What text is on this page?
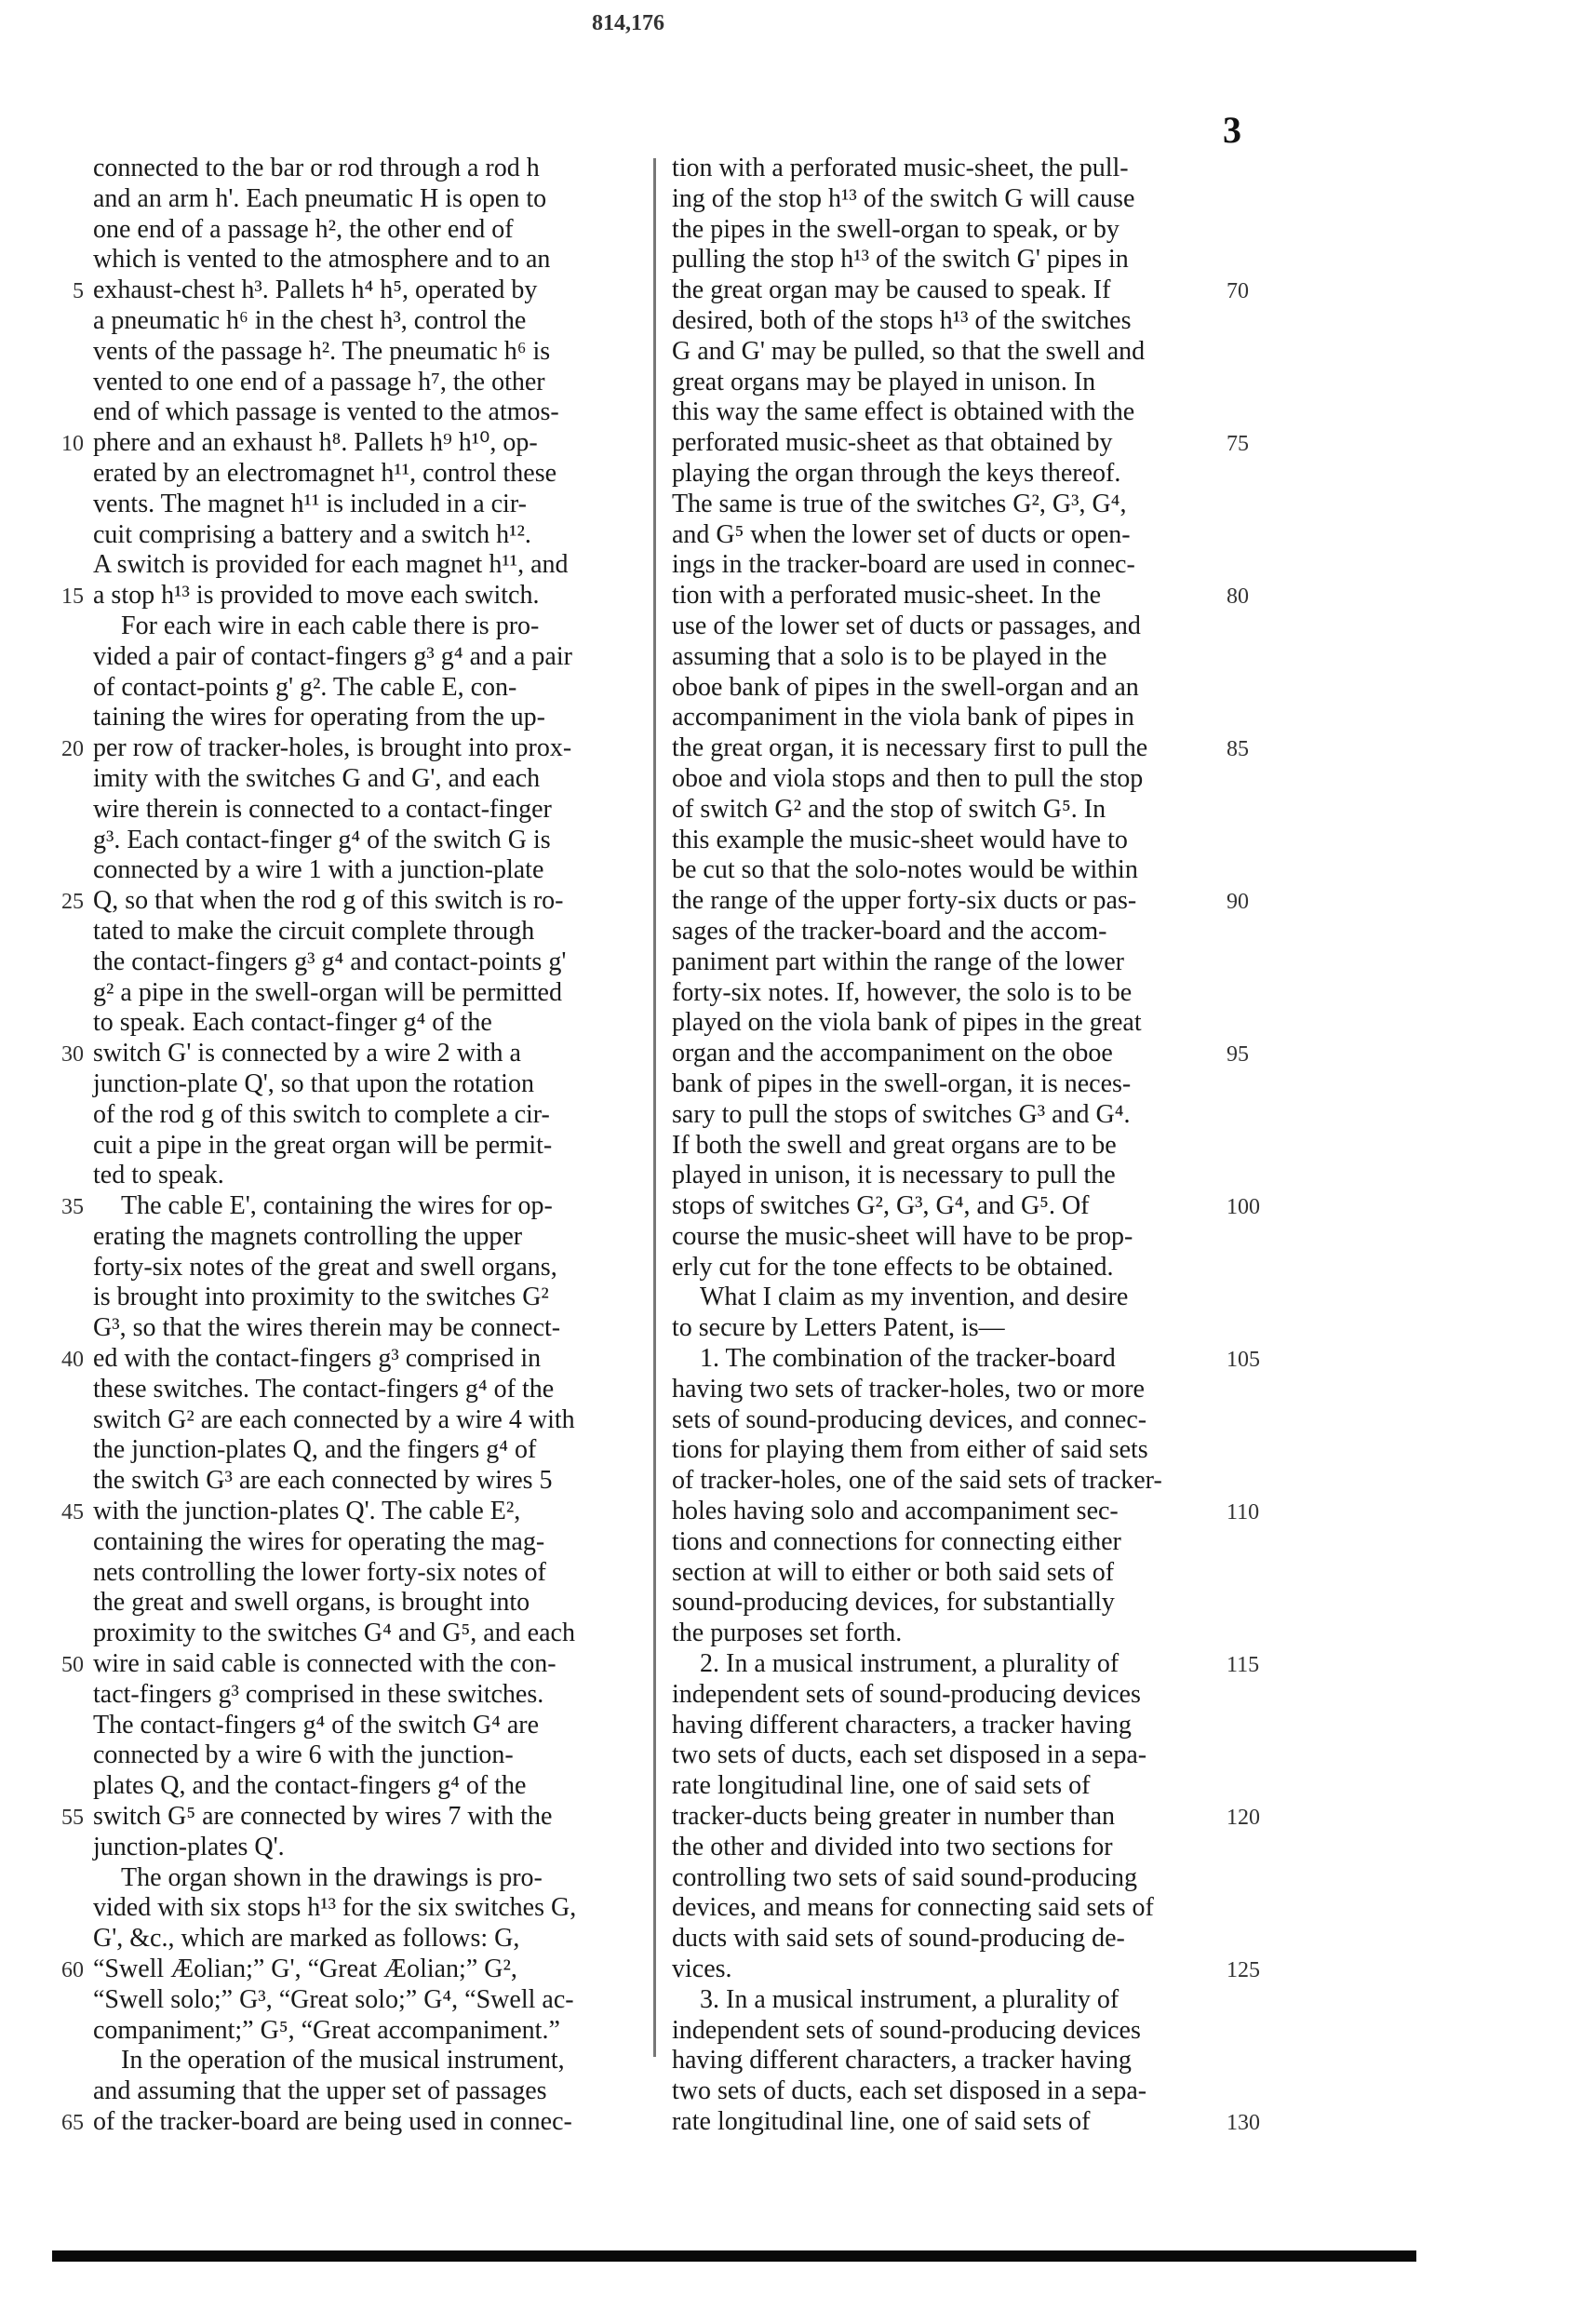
814,176
3
connected to the bar or rod through a rod h
and an arm h'. Each pneumatic H is open to
one end of a passage h², the other end of
which is vented to the atmosphere and to an
exhaust-chest h³. Pallets h⁴ h⁵, operated by
a pneumatic h⁶ in the chest h³, control the
vents of the passage h². The pneumatic h⁶ is
vented to one end of a passage h⁷, the other
end of which passage is vented to the atmos-
phere and an exhaust h⁸. Pallets h⁹ h¹⁰, op-
erated by an electromagnet h¹¹, control these
vents. The magnet h¹¹ is included in a cir-
cuit comprising a battery and a switch h¹².
A switch is provided for each magnet h¹¹, and
a stop h¹³ is provided to move each switch.
For each wire in each cable there is pro-
vided a pair of contact-fingers g³ g⁴ and a pair
of contact-points g' g². The cable E, con-
taining the wires for operating from the up-
per row of tracker-holes, is brought into prox-
imity with the switches G and G', and each
wire therein is connected to a contact-finger
g³. Each contact-finger g⁴ of the switch G is
connected by a wire 1 with a junction-plate
Q, so that when the rod g of this switch is ro-
tated to make the circuit complete through
the contact-fingers g³ g⁴ and contact-points g'
g² a pipe in the swell-organ will be permitted
to speak. Each contact-finger g⁴ of the
switch G' is connected by a wire 2 with a
junction-plate Q', so that upon the rotation
of the rod g of this switch to complete a cir-
cuit a pipe in the great organ will be permit-
ted to speak.
The cable E', containing the wires for op-
erating the magnets controlling the upper
forty-six notes of the great and swell organs,
is brought into proximity to the switches G²
G³, so that the wires therein may be connect-
ed with the contact-fingers g³ comprised in
these switches. The contact-fingers g⁴ of the
switch G² are each connected by a wire 4 with
the junction-plates Q, and the fingers g⁴ of
the switch G³ are each connected by wires 5
with the junction-plates Q'. The cable E²,
containing the wires for operating the mag-
nets controlling the lower forty-six notes of
the great and swell organs, is brought into
proximity to the switches G⁴ and G⁵, and each
wire in said cable is connected with the con-
tact-fingers g³ comprised in these switches.
The contact-fingers g⁴ of the switch G⁴ are
connected by a wire 6 with the junction-
plates Q, and the contact-fingers g⁴ of the
switch G⁵ are connected by wires 7 with the
junction-plates Q'.
The organ shown in the drawings is pro-
vided with six stops h¹³ for the six switches G,
G', &c., which are marked as follows: G,
“Swell Æolian;” G', “Great Æolian;” G²,
“Swell solo;” G³, “Great solo;” G⁴, “Swell ac-
companiment;” G⁵, “Great accompaniment.”
In the operation of the musical instrument,
and assuming that the upper set of passages
of the tracker-board are being used in connec-
tion with a perforated music-sheet, the pull-
ing of the stop h¹³ of the switch G will cause
the pipes in the swell-organ to speak, or by
pulling the stop h¹³ of the switch G' pipes in
the great organ may be caused to speak. If
desired, both of the stops h¹³ of the switches
G and G' may be pulled, so that the swell and
great organs may be played in unison. In
this way the same effect is obtained with the
perforated music-sheet as that obtained by
playing the organ through the keys thereof.
The same is true of the switches G², G³, G⁴,
and G⁵ when the lower set of ducts or open-
ings in the tracker-board are used in connec-
tion with a perforated music-sheet. In the
use of the lower set of ducts or passages, and
assuming that a solo is to be played in the
oboe bank of pipes in the swell-organ and an
accompaniment in the viola bank of pipes in
the great organ, it is necessary first to pull the
oboe and viola stops and then to pull the stop
of switch G² and the stop of switch G⁵. In
this example the music-sheet would have to
be cut so that the solo-notes would be within
the range of the upper forty-six ducts or pas-
sages of the tracker-board and the accom-
paniment part within the range of the lower
forty-six notes. If, however, the solo is to be
played on the viola bank of pipes in the great
organ and the accompaniment on the oboe
bank of pipes in the swell-organ, it is neces-
sary to pull the stops of switches G³ and G⁴.
If both the swell and great organs are to be
played in unison, it is necessary to pull the
stops of switches G², G³, G⁴, and G⁵. Of
course the music-sheet will have to be prop-
erly cut for the tone effects to be obtained.
What I claim as my invention, and desire
to secure by Letters Patent, is—
1. The combination of the tracker-board
having two sets of tracker-holes, two or more
sets of sound-producing devices, and connec-
tions for playing them from either of said sets
of tracker-holes, one of the said sets of tracker-
holes having solo and accompaniment sec-
tions and connections for connecting either
section at will to either or both said sets of
sound-producing devices, for substantially
the purposes set forth.
2. In a musical instrument, a plurality of
independent sets of sound-producing devices
having different characters, a tracker having
two sets of ducts, each set disposed in a sepa-
rate longitudinal line, one of said sets of
tracker-ducts being greater in number than
the other and divided into two sections for
controlling two sets of said sound-producing
devices, and means for connecting said sets of
ducts with said sets of sound-producing de-
vices.
3. In a musical instrument, a plurality of
independent sets of sound-producing devices
having different characters, a tracker having
two sets of ducts, each set disposed in a sepa-
rate longitudinal line, one of said sets of
5
10
15
20
25
30
35
40
45
50
55
60
65
70
75
80
85
90
95
100
105
110
115
120
125
130
